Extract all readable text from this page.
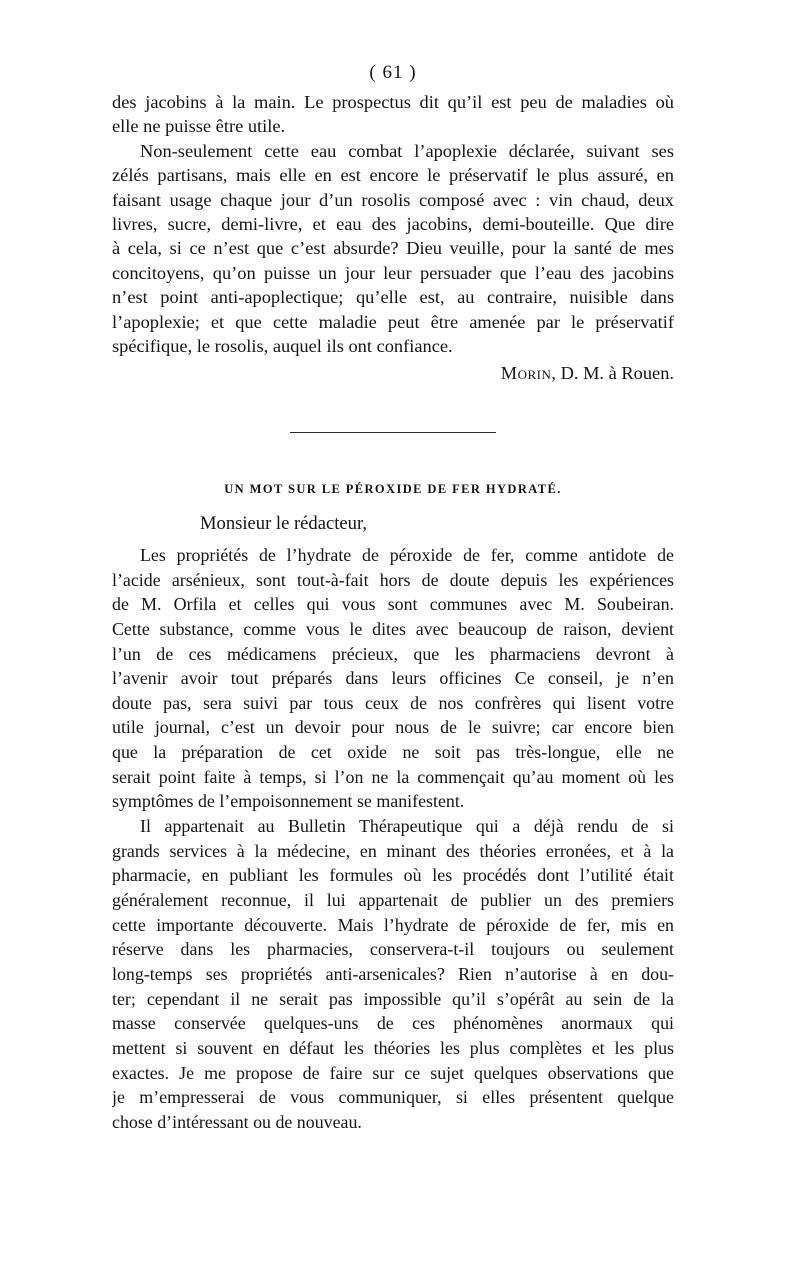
( 61 )
des jacobins à la main. Le prospectus dit qu’il est peu de maladies où
elle ne puisse être utile.
Non-seulement cette eau combat l’apoplexie déclarée, suivant ses
zélés partisans, mais elle en est encore le préservatif le plus assuré, en
faisant usage chaque jour d’un rosolis composé avec : vin chaud, deux
livres, sucre, demi-livre, et eau des jacobins, demi-bouteille. Que dire
à cela, si ce n’est que c’est absurde? Dieu veuille, pour la santé de mes
concitoyens, qu’on puisse un jour leur persuader que l’eau des jacobins
n’est point anti-apoplectique; qu’elle est, au contraire, nuisible dans
l’apoplexie; et que cette maladie peut être amenée par le préservatif
spécifique, le rosolis, auquel ils ont confiance.
Morin, D. M. à Rouen.
UN MOT SUR LE PÉROXIDE DE FER HYDRATÉ.
Monsieur le rédacteur,
Les propriétés de l’hydrate de péroxide de fer, comme antidote de
l’acide arsénieux, sont tout-à-fait hors de doute depuis les expériences
de M. Orfila et celles qui vous sont communes avec M. Soubeiran.
Cette substance, comme vous le dites avec beaucoup de raison, devient
l’un de ces médicamens précieux, que les pharmaciens devront à
l’avenir avoir tout préparés dans leurs officines Ce conseil, je n’en
doute pas, sera suivi par tous ceux de nos confrères qui lisent votre
utile journal, c’est un devoir pour nous de le suivre; car encore bien
que la préparation de cet oxide ne soit pas très-longue, elle ne
serait point faite à temps, si l’on ne la commençait qu’au moment où les
symptômes de l’empoisonnement se manifestent.
Il appartenait au Bulletin Thérapeutique qui a déjà rendu de si
grands services à la médecine, en minant des théories erronées, et à la
pharmacie, en publiant les formules où les procédés dont l’utilité était
généralement reconnue, il lui appartenait de publier un des premiers
cette importante découverte. Mais l’hydrate de péroxide de fer, mis en
réserve dans les pharmacies, conservera-t-il toujours ou seulement
long-temps ses propriétés anti-arsenicales? Rien n’autorise à en dou-
ter; cependant il ne serait pas impossible qu’il s’opérât au sein de la
masse conservée quelques-uns de ces phénomènes anormaux qui
mettent si souvent en défaut les théories les plus complètes et les plus
exactes. Je me propose de faire sur ce sujet quelques observations que
je m’empresserai de vous communiquer, si elles présentent quelque
chose d’intéressant ou de nouveau.
